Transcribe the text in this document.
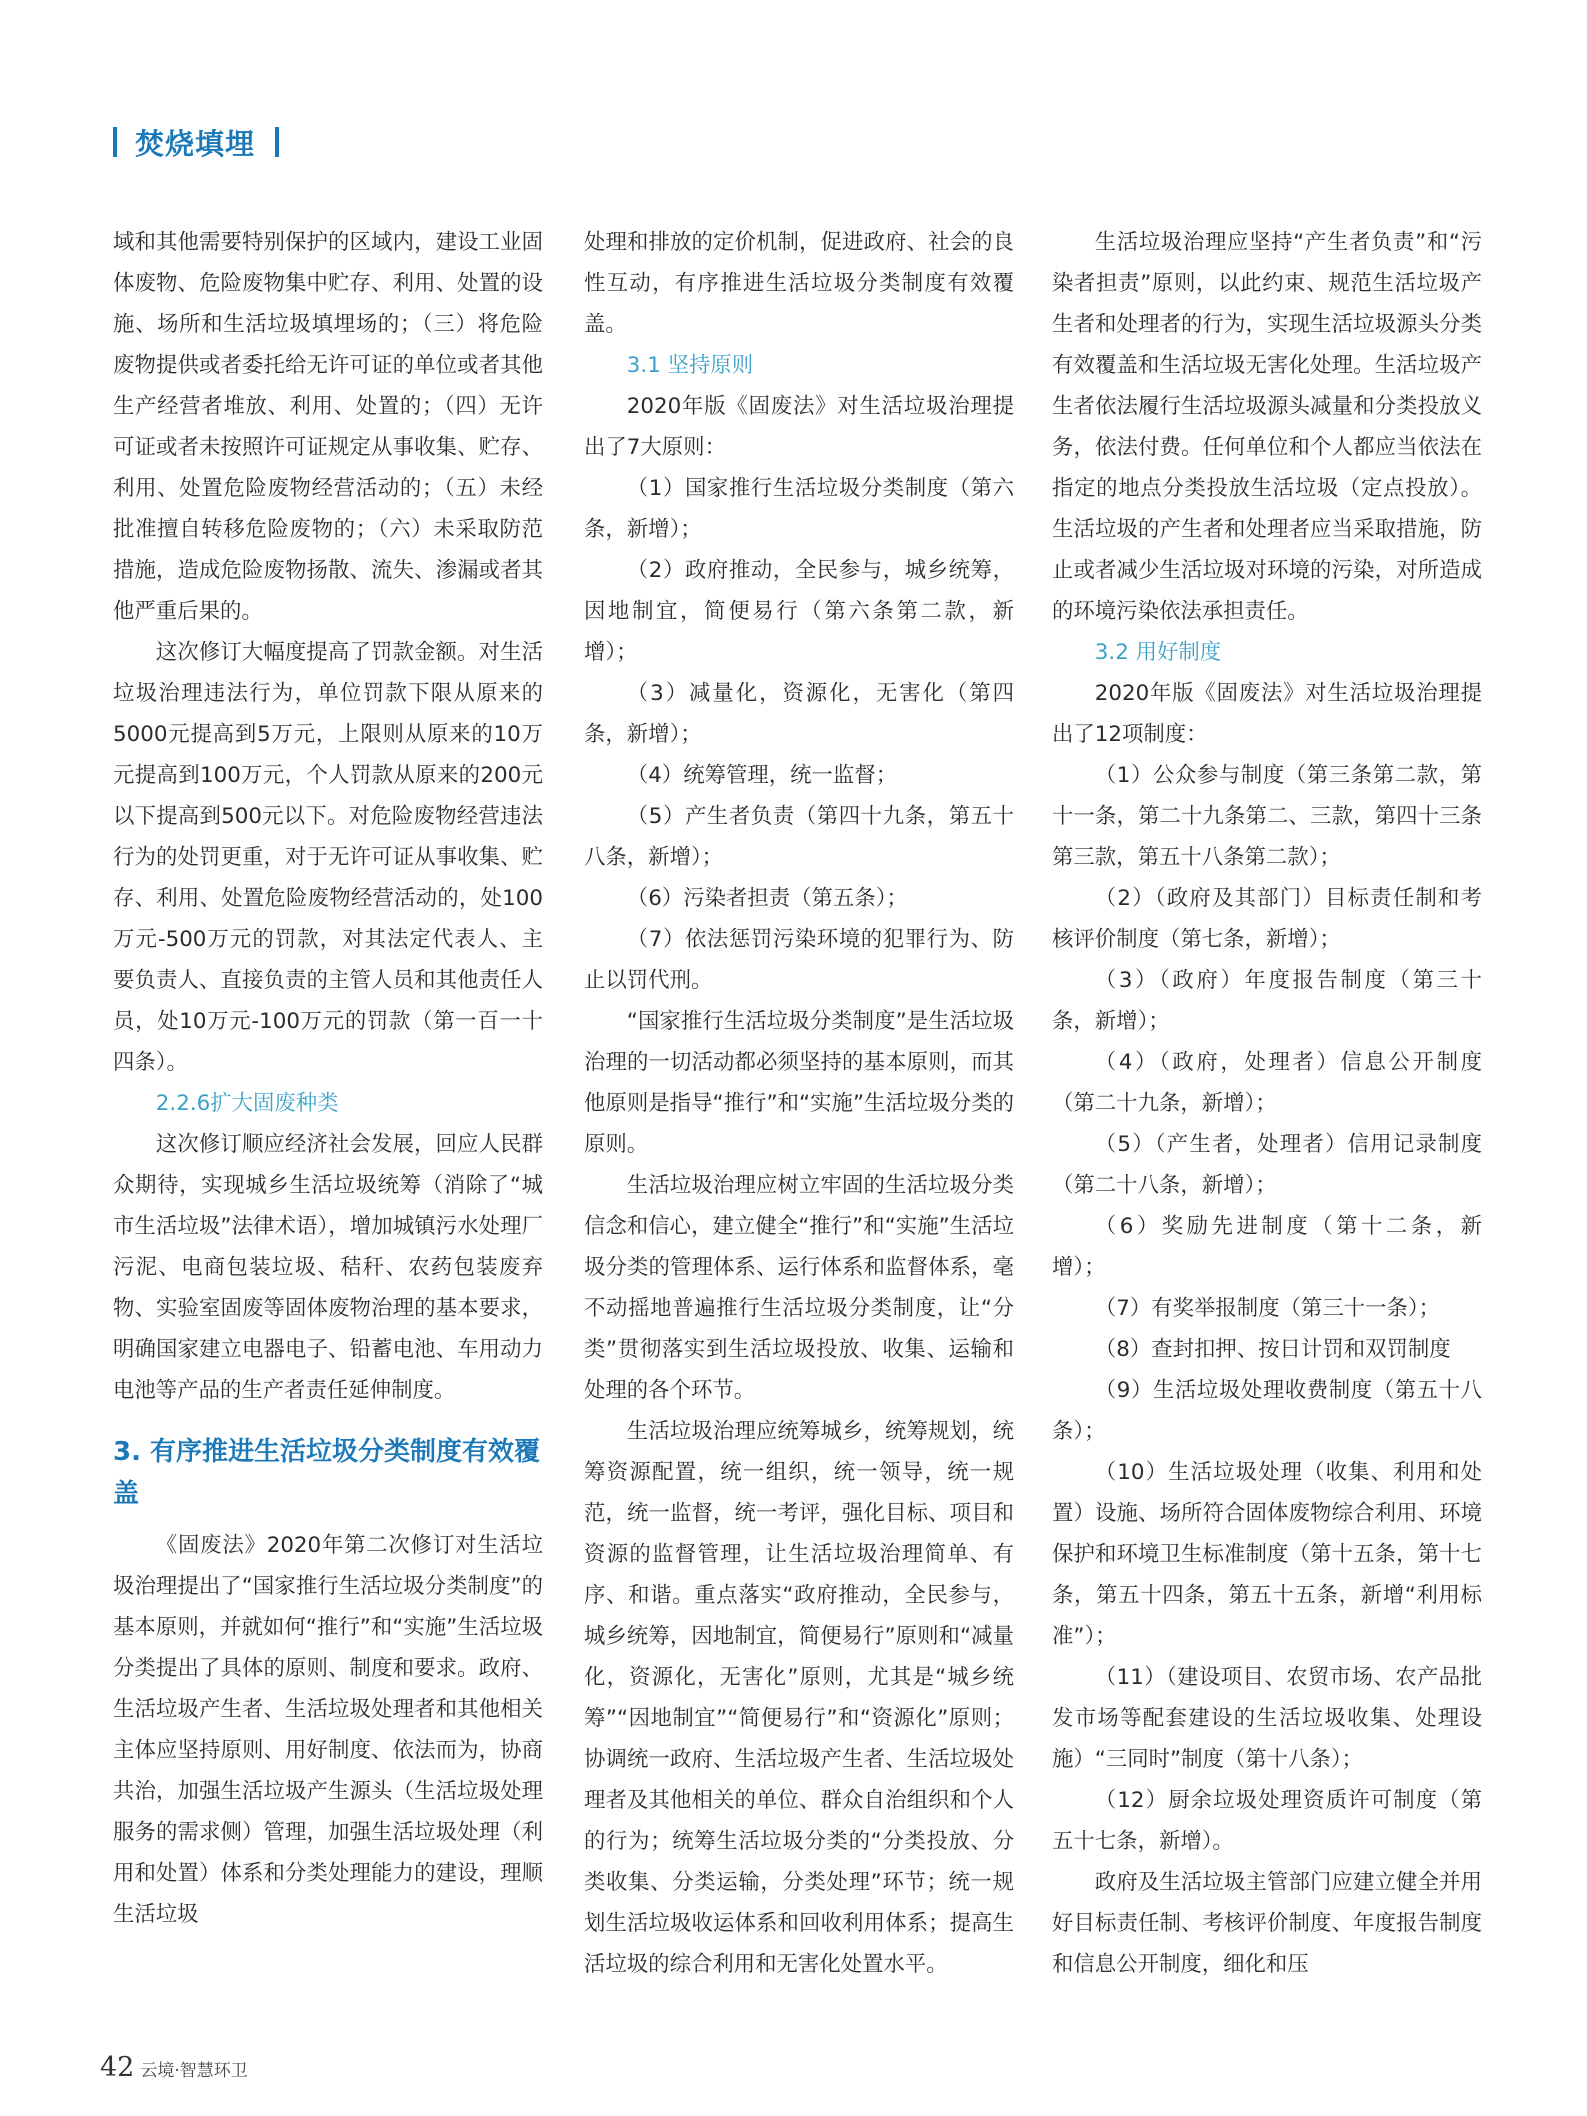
焚烧填埋

域和其他需要特别保护的区域内，建设工业固体废物、危险废物集中贮存、利用、处置的设施、场所和生活垃圾填埋场的；（三）将危险废物提供或者委托给无许可证的单位或者其他生产经营者堆放、利用、处置的；（四）无许可证或者未按照许可证规定从事收集、贮存、利用、处置危险废物经营活动的；（五）未经批准擅自转移危险废物的；（六）未采取防范措施，造成危险废物扬散、流失、渗漏或者其他严重后果的。

这次修订大幅度提高了罚款金额。对生活垃圾治理违法行为，单位罚款下限从原来的5000元提高到5万元，上限则从原来的10万元提高到100万元，个人罚款从原来的200元以下提高到500元以下。对危险废物经营违法行为的处罚更重，对于无许可证从事收集、贮存、利用、处置危险废物经营活动的，处100万元-500万元的罚款，对其法定代表人、主要负责人、直接负责的主管人员和其他责任人员，处10万元-100万元的罚款（第一百一十四条）。

2.2.6扩大固废种类

这次修订顺应经济社会发展，回应人民群众期待，实现城乡生活垃圾统筹（消除了“城市生活垃圾”法律术语），增加城镇污水处理厂污泥、电商包装垃圾、秸秆、农药包装废弃物、实验室固废等固体废物治理的基本要求，明确国家建立电器电子、铅蓄电池、车用动力电池等产品的生产者责任延伸制度。

3. 有序推进生活垃圾分类制度有效覆盖

《固废法》2020年第二次修订对生活垃圾治理提出了“国家推行生活垃圾分类制度”的基本原则，并就如何“推行”和“实施”生活垃圾分类提出了具体的原则、制度和要求。政府、生活垃圾产生者、生活垃圾处理者和其他相关主体应坚持原则、用好制度、依法而为，协商共治，加强生活垃圾产生源头（生活垃圾处理服务的需求侧）管理，加强生活垃圾处理（利用和处置）体系和分类处理能力的建设，理顺生活垃圾

处理和排放的定价机制，促进政府、社会的良性互动，有序推进生活垃圾分类制度有效覆盖。

3.1 坚持原则

2020年版《固废法》对生活垃圾治理提出了7大原则：

（1）国家推行生活垃圾分类制度（第六条，新增）；

（2）政府推动，全民参与，城乡统筹，因地制宜，简便易行（第六条第二款，新增）；

（3）减量化，资源化，无害化（第四条，新增）；

（4）统筹管理，统一监督；

（5）产生者负责（第四十九条，第五十八条，新增）；

（6）污染者担责（第五条）；

（7）依法惩罚污染环境的犯罪行为、防止以罚代刑。

“国家推行生活垃圾分类制度”是生活垃圾治理的一切活动都必须坚持的基本原则，而其他原则是指导“推行”和“实施”生活垃圾分类的原则。

生活垃圾治理应树立牢固的生活垃圾分类信念和信心，建立健全“推行”和“实施”生活垃圾分类的管理体系、运行体系和监督体系，毫不动摇地普遍推行生活垃圾分类制度，让“分类”贯彻落实到生活垃圾投放、收集、运输和处理的各个环节。

生活垃圾治理应统筹城乡，统筹规划，统筹资源配置，统一组织，统一领导，统一规范，统一监督，统一考评，强化目标、项目和资源的监督管理，让生活垃圾治理简单、有序、和谐。重点落实“政府推动，全民参与，城乡统筹，因地制宜，简便易行”原则和“减量化，资源化，无害化”原则，尤其是“城乡统筹”“因地制宜”“简便易行”和“资源化”原则；协调统一政府、生活垃圾产生者、生活垃圾处理者及其他相关的单位、群众自治组织和个人的行为；统筹生活垃圾分类的“分类投放、分类收集、分类运输，分类处理”环节；统一规划生活垃圾收运体系和回收利用体系；提高生活垃圾的综合利用和无害化处置水平。

生活垃圾治理应坚持“产生者负责”和“污染者担责”原则，以此约束、规范生活垃圾产生者和处理者的行为，实现生活垃圾源头分类有效覆盖和生活垃圾无害化处理。生活垃圾产生者依法履行生活垃圾源头减量和分类投放义务，依法付费。任何单位和个人都应当依法在指定的地点分类投放生活垃圾（定点投放）。生活垃圾的产生者和处理者应当采取措施，防止或者减少生活垃圾对环境的污染，对所造成的环境污染依法承担责任。

3.2 用好制度

2020年版《固废法》对生活垃圾治理提出了12项制度：

（1）公众参与制度（第三条第二款，第十一条，第二十九条第二、三款，第四十三条第三款，第五十八条第二款）；

（2）（政府及其部门）目标责任制和考核评价制度（第七条，新增）；

（3）（政府）年度报告制度（第三十条，新增）；

（4）（政府，处理者）信息公开制度（第二十九条，新增）；

（5）（产生者，处理者）信用记录制度（第二十八条，新增）；

（6）奖励先进制度（第十二条，新增）；

（7）有奖举报制度（第三十一条）；

（8）查封扣押、按日计罚和双罚制度

（9）生活垃圾处理收费制度（第五十八条）；

（10）生活垃圾处理（收集、利用和处置）设施、场所符合固体废物综合利用、环境保护和环境卫生标准制度（第十五条，第十七条，第五十四条，第五十五条，新增“利用标准”）；

（11）（建设项目、农贸市场、农产品批发市场等配套建设的生活垃圾收集、处理设施）“三同时”制度（第十八条）；

（12）厨余垃圾处理资质许可制度（第五十七条，新增）。

政府及生活垃圾主管部门应建立健全并用好目标责任制、考核评价制度、年度报告制度和信息公开制度，细化和压

42 云境·智慧环卫
